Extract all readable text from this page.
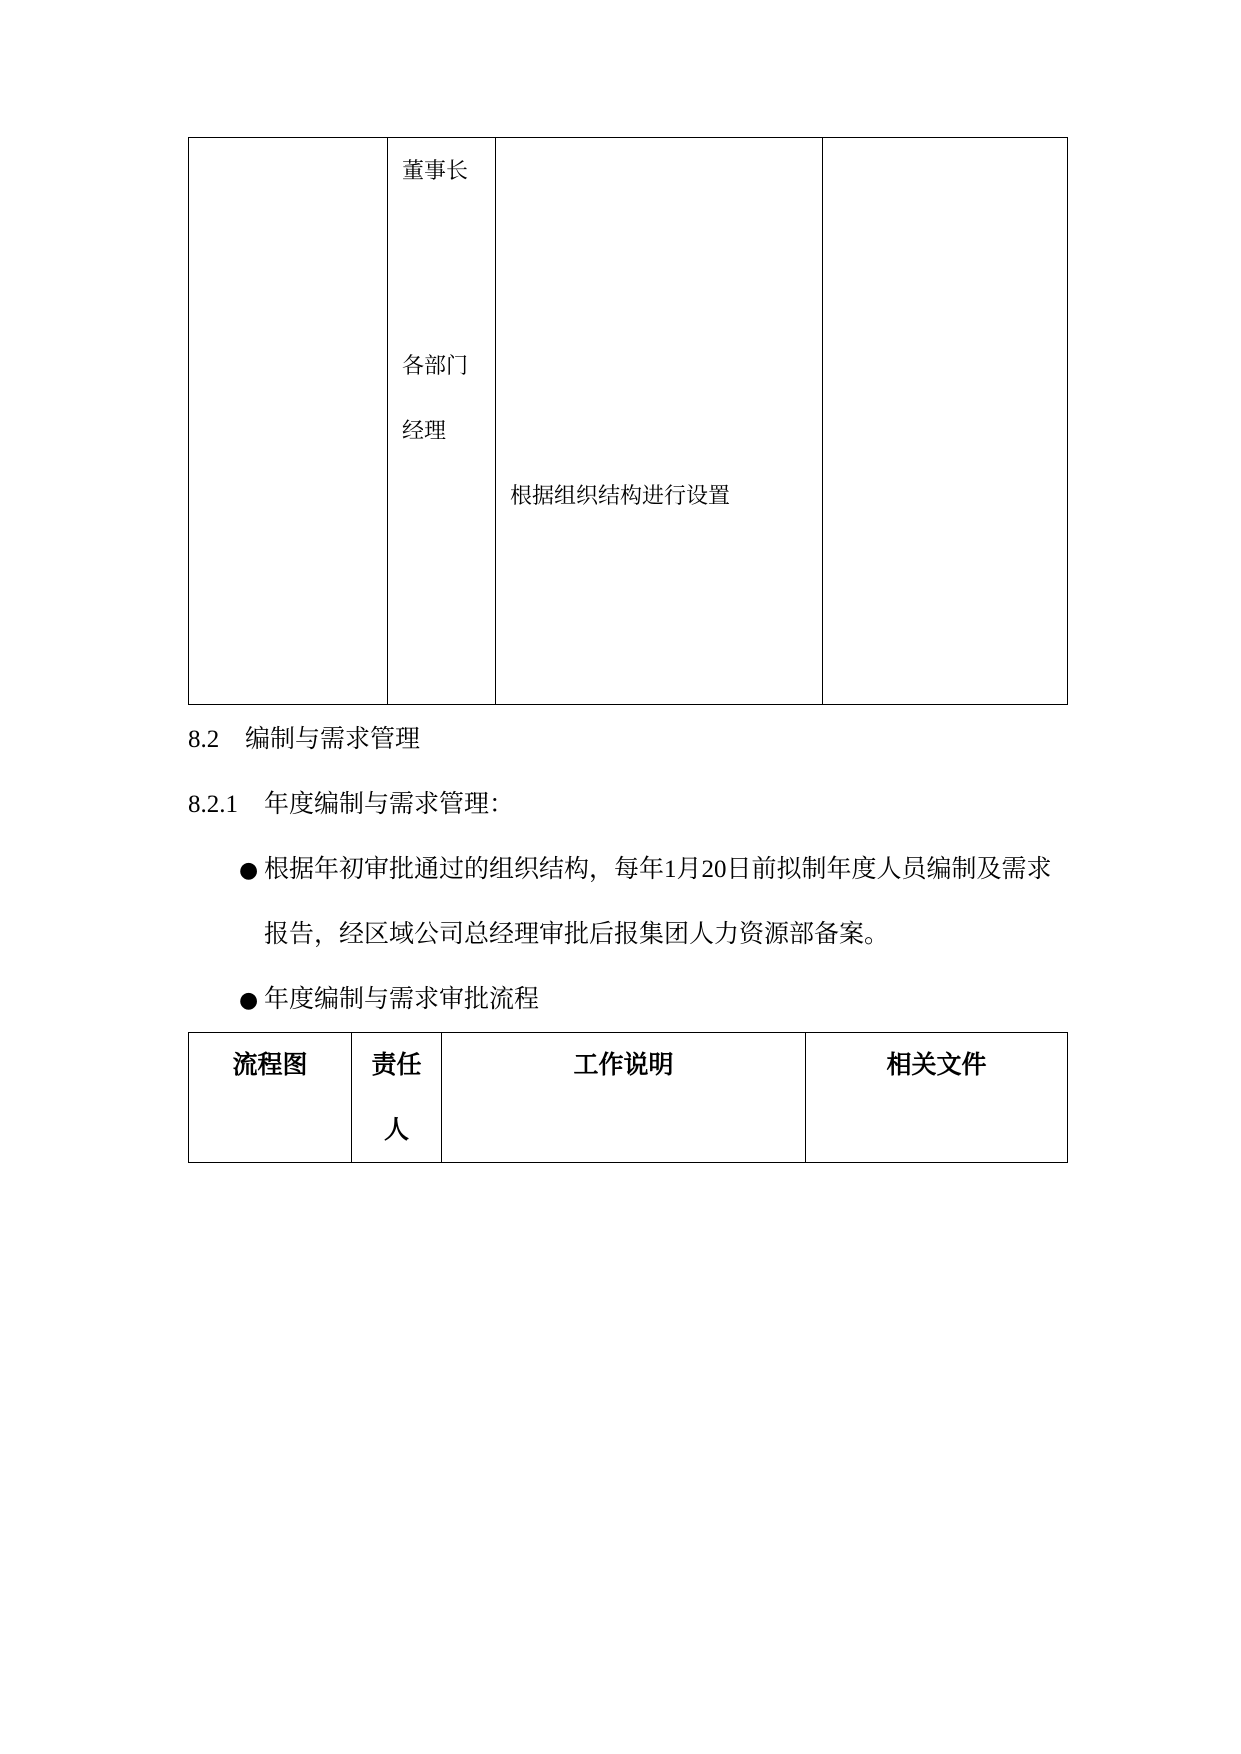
董事长
各部门
经理
根据组织结构进行设置
8.2 编制与需求管理
8.2.1 年度编制与需求管理：
● 根据年初审批通过的组织结构，每年1月20日前拟制年度人员编制及需求
报告，经区域公司总经理审批后报集团人力资源部备案。
● 年度编制与需求审批流程
流程图	责任人
工作说明	相关文件
